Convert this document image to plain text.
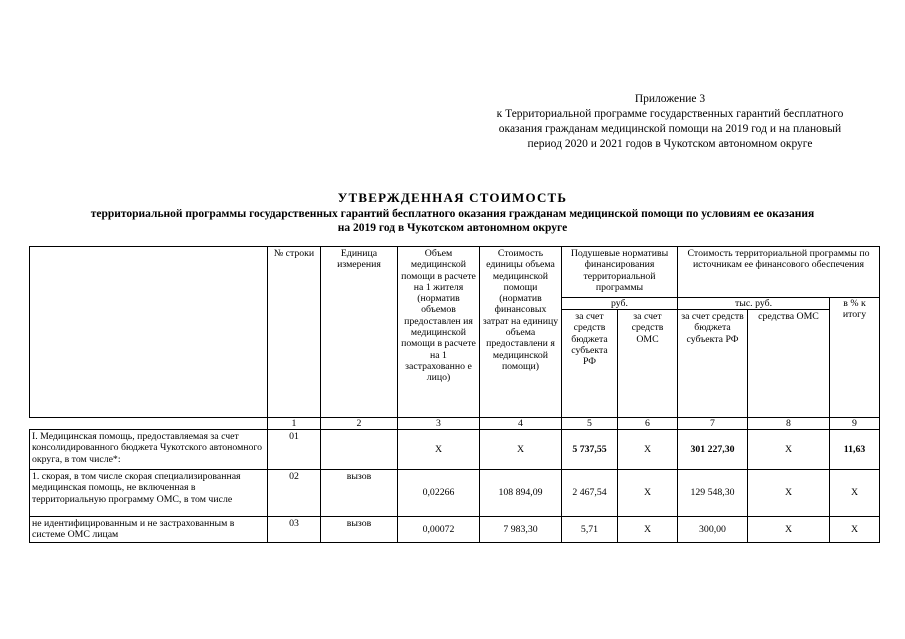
Приложение 3
к Территориальной программе государственных гарантий бесплатного
оказания гражданам медицинской помощи на 2019 год и на плановый
период 2020 и 2021 годов в Чукотском автономном округе
УТВЕРЖДЕННАЯ СТОИМОСТЬ
территориальной программы государственных гарантий бесплатного оказания гражданам медицинской помощи по условиям ее оказания
на 2019 год в Чукотском автономном округе
	№ строки	Единица измерения	Объем медицинской помощи в расчете на 1 жителя (норматив объемов предоставлен ия медицинской помощи в расчете на 1 застрахованно е лицо)	Стоимость единицы объема медицинской помощи (норматив финансовых затрат на единицу объема предоставлени я медицинской помощи)	Подушевые нормативы финансирования территориальной программы		Стоимость территориальной программы по источникам ее финансового обеспечения		
					руб.		тыс. руб.		в % к итогу
					за счет средств бюджета субъекта РФ	за счет средств ОМС	за счет средств бюджета субъекта РФ	средства ОМС	
	1	2	3	4	5	6	7	8	9
I. Медицинская помощь, предоставляемая за счет консолидированного бюджета Чукотского автономного округа, в том числе*:	01		X	X	5 737,55	X	301 227,30	X	11,63
1. скорая, в том числе скорая специализированная медицинская помощь, не включенная в территориальную программу ОМС, в том числе	02	вызов	0,02266	108 894,09	2 467,54	X	129 548,30	X	X
не идентифицированным и не застрахованным в системе ОМС лицам	03	вызов	0,00072	7 983,30	5,71	X	300,00	X	X
